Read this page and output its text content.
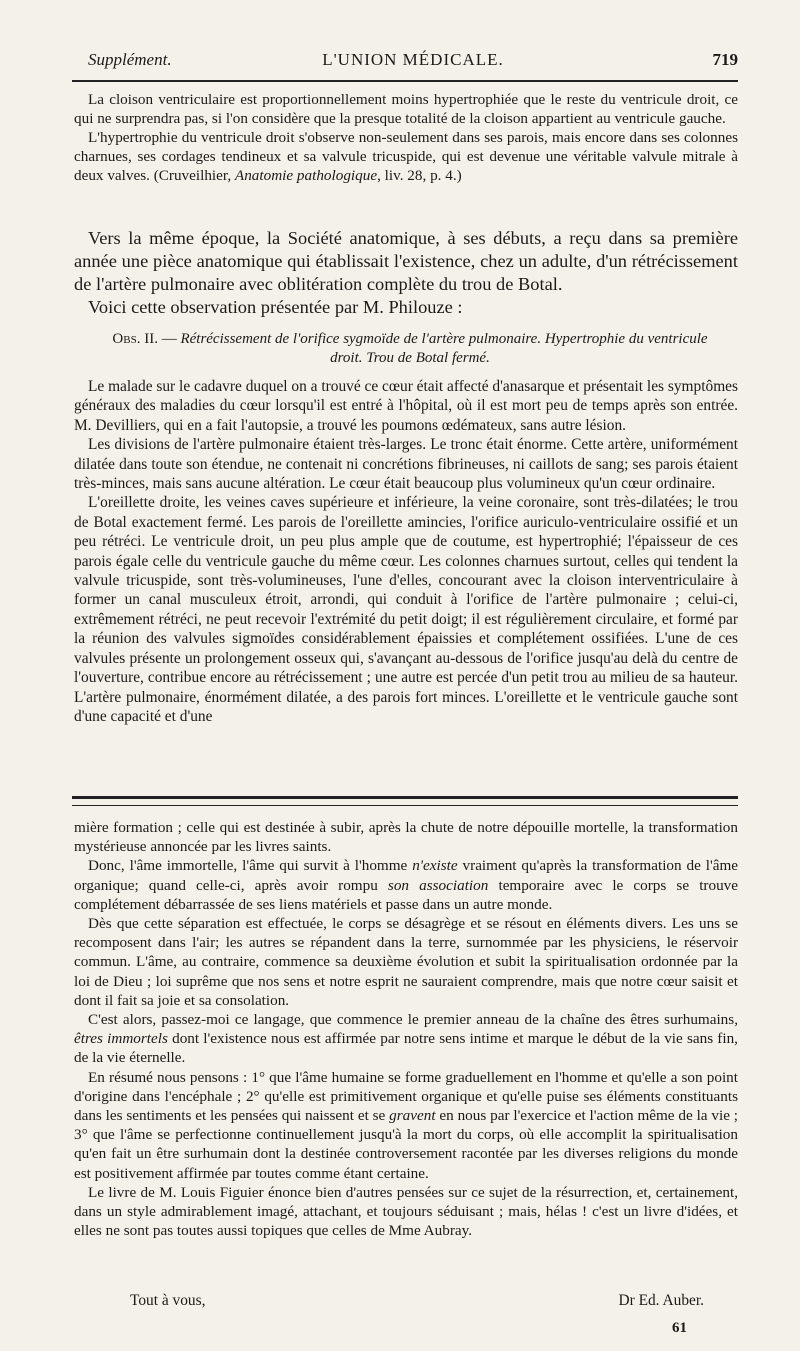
Supplément.	L'UNION MÉDICALE.	719

La cloison ventriculaire est proportionnellement moins hypertrophiée que le reste du ventricule droit, ce qui ne surprendra pas, si l'on considère que la presque totalité de la cloison appartient au ventricule gauche.

L'hypertrophie du ventricule droit s'observe non-seulement dans ses parois, mais encore dans ses colonnes charnues, ses cordages tendineux et sa valvule tricuspide, qui est devenue une véritable valvule mitrale à deux valves. (Cruveilhier, Anatomie pathologique, liv. 28, p. 4.)

Vers la même époque, la Société anatomique, à ses débuts, a reçu dans sa première année une pièce anatomique qui établissait l'existence, chez un adulte, d'un rétrécissement de l'artère pulmonaire avec oblitération complète du trou de Botal.

Voici cette observation présentée par M. Philouze :

Obs. II. — Rétrécissement de l'orifice sygmoïde de l'artère pulmonaire. Hypertrophie du ventricule droit. Trou de Botal fermé.

Le malade sur le cadavre duquel on a trouvé ce cœur était affecté d'anasarque et présentait les symptômes généraux des maladies du cœur lorsqu'il est entré à l'hôpital, où il est mort peu de temps après son entrée. M. Devilliers, qui en a fait l'autopsie, a trouvé les poumons œdémateux, sans autre lésion.

Les divisions de l'artère pulmonaire étaient très-larges. Le tronc était énorme. Cette artère, uniformément dilatée dans toute son étendue, ne contenait ni concrétions fibrineuses, ni caillots de sang; ses parois étaient très-minces, mais sans aucune altération. Le cœur était beaucoup plus volumineux qu'un cœur ordinaire.

L'oreillette droite, les veines caves supérieure et inférieure, la veine coronaire, sont très-dilatées; le trou de Botal exactement fermé. Les parois de l'oreillette amincies, l'orifice auriculo-ventriculaire ossifié et un peu rétréci. Le ventricule droit, un peu plus ample que de coutume, est hypertrophié; l'épaisseur de ces parois égale celle du ventricule gauche du même cœur. Les colonnes charnues surtout, celles qui tendent la valvule tricuspide, sont très-volumineuses, l'une d'elles, concourant avec la cloison interventriculaire à former un canal musculeux étroit, arrondi, qui conduit à l'orifice de l'artère pulmonaire ; celui-ci, extrêmement rétréci, ne peut recevoir l'extrémité du petit doigt; il est régulièrement circulaire, et formé par la réunion des valvules sigmoïdes considérablement épaissies et complétement ossifiées. L'une de ces valvules présente un prolongement osseux qui, s'avançant au-dessous de l'orifice jusqu'au delà du centre de l'ouverture, contribue encore au rétrécissement ; une autre est percée d'un petit trou au milieu de sa hauteur. L'artère pulmonaire, énormément dilatée, a des parois fort minces. L'oreillette et le ventricule gauche sont d'une capacité et d'une

mière formation ; celle qui est destinée à subir, après la chute de notre dépouille mortelle, la transformation mystérieuse annoncée par les livres saints.

Donc, l'âme immortelle, l'âme qui survit à l'homme n'existe vraiment qu'après la transformation de l'âme organique; quand celle-ci, après avoir rompu son association temporaire avec le corps se trouve complétement débarrassée de ses liens matériels et passe dans un autre monde.

Dès que cette séparation est effectuée, le corps se désagrège et se résout en éléments divers. Les uns se recomposent dans l'air; les autres se répandent dans la terre, surnommée par les physiciens, le réservoir commun. L'âme, au contraire, commence sa deuxième évolution et subit la spiritualisation ordonnée par la loi de Dieu ; loi suprême que nos sens et notre esprit ne sauraient comprendre, mais que notre cœur saisit et dont il fait sa joie et sa consolation.

C'est alors, passez-moi ce langage, que commence le premier anneau de la chaîne des êtres surhumains, êtres immortels dont l'existence nous est affirmée par notre sens intime et marque le début de la vie sans fin, de la vie éternelle.

En résumé nous pensons : 1° que l'âme humaine se forme graduellement en l'homme et qu'elle a son point d'origine dans l'encéphale ; 2° qu'elle est primitivement organique et qu'elle puise ses éléments constituants dans les sentiments et les pensées qui naissent et se gravent en nous par l'exercice et l'action même de la vie ; 3° que l'âme se perfectionne continuellement jusqu'à la mort du corps, où elle accomplit la spiritualisation qu'en fait un être surhumain dont la destinée controversement racontée par les diverses religions du monde est positivement affirmée par toutes comme étant certaine.

Le livre de M. Louis Figuier énonce bien d'autres pensées sur ce sujet de la résurrection, et, certainement, dans un style admirablement imagé, attachant, et toujours séduisant ; mais, hélas ! c'est un livre d'idées, et elles ne sont pas toutes aussi topiques que celles de Mme Aubray.

Tout à vous,	Dr Ed. Auber.
61
